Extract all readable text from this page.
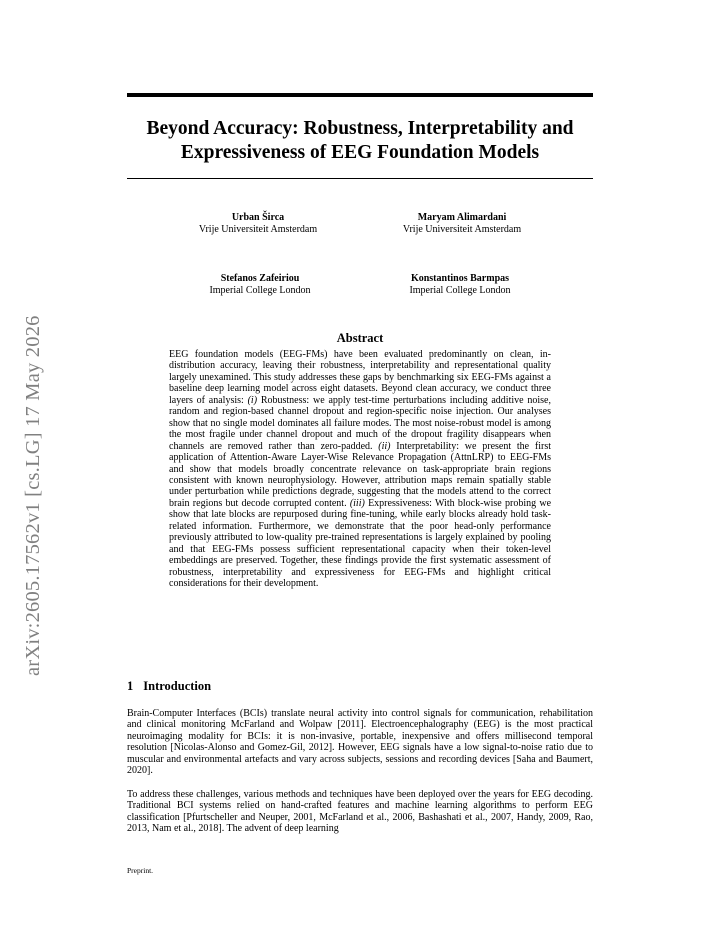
arXiv:2605.17562v1 [cs.LG] 17 May 2026
Beyond Accuracy: Robustness, Interpretability and
Expressiveness of EEG Foundation Models
Urban Širca
Vrije Universiteit Amsterdam
Maryam Alimardani
Vrije Universiteit Amsterdam
Stefanos Zafeiriou
Imperial College London
Konstantinos Barmpas
Imperial College London
Abstract
EEG foundation models (EEG-FMs) have been evaluated predominantly on clean, in-distribution accuracy, leaving their robustness, interpretability and representational quality largely unexamined. This study addresses these gaps by benchmarking six EEG-FMs against a baseline deep learning model across eight datasets. Beyond clean accuracy, we conduct three layers of analysis: (i) Robustness: we apply test-time perturbations including additive noise, random and region-based channel dropout and region-specific noise injection. Our analyses show that no single model dominates all failure modes. The most noise-robust model is among the most fragile under channel dropout and much of the dropout fragility disappears when channels are removed rather than zero-padded. (ii) Interpretability: we present the first application of Attention-Aware Layer-Wise Relevance Propagation (AttnLRP) to EEG-FMs and show that models broadly concentrate relevance on task-appropriate brain regions consistent with known neurophysiology. However, attribution maps remain spatially stable under perturbation while predictions degrade, suggesting that the models attend to the correct brain regions but decode corrupted content. (iii) Expressiveness: With block-wise probing we show that late blocks are repurposed during fine-tuning, while early blocks already hold task-related information. Furthermore, we demonstrate that the poor head-only performance previously attributed to low-quality pre-trained representations is largely explained by pooling and that EEG-FMs possess sufficient representational capacity when their token-level embeddings are preserved. Together, these findings provide the first systematic assessment of robustness, interpretability and expressiveness for EEG-FMs and highlight critical considerations for their development.
1 Introduction
Brain-Computer Interfaces (BCIs) translate neural activity into control signals for communication, rehabilitation and clinical monitoring McFarland and Wolpaw [2011]. Electroencephalography (EEG) is the most practical neuroimaging modality for BCIs: it is non-invasive, portable, inexpensive and offers millisecond temporal resolution [Nicolas-Alonso and Gomez-Gil, 2012]. However, EEG signals have a low signal-to-noise ratio due to muscular and environmental artefacts and vary across subjects, sessions and recording devices [Saha and Baumert, 2020].
To address these challenges, various methods and techniques have been deployed over the years for EEG decoding. Traditional BCI systems relied on hand-crafted features and machine learning algorithms to perform EEG classification [Pfurtscheller and Neuper, 2001, McFarland et al., 2006, Bashashati et al., 2007, Handy, 2009, Rao, 2013, Nam et al., 2018]. The advent of deep learning
Preprint.
